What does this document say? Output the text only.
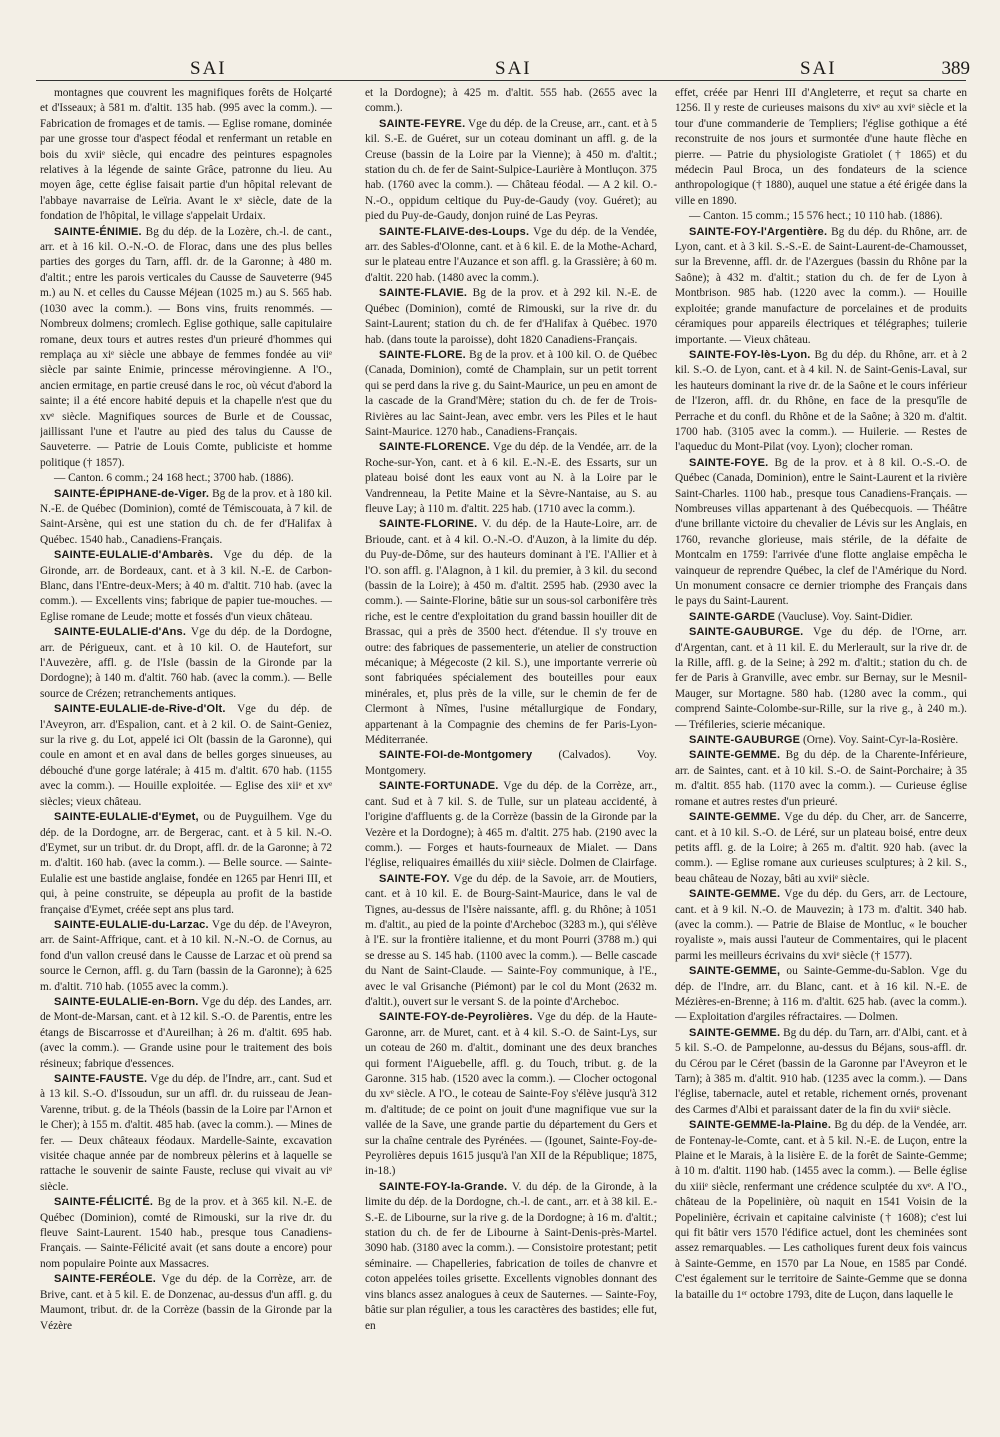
SAI	SAI	SAI	389

montagnes que couvrent les magnifiques forêts de Holçarté et d'Isseaux; à 581 m. d'altit. 135 hab. (995 avec la comm.). — Fabrication de fromages et de tamis. — Eglise romane, dominée par une grosse tour d'aspect féodal et renfermant un retable en bois du xviiᵉ siècle, qui encadre des peintures espagnoles relatives à la légende de sainte Grâce, patronne du lieu. Au moyen âge, cette église faisait partie d'un hôpital relevant de l'abbaye navarraise de Leïria. Avant le xᵉ siècle, date de la fondation de l'hôpital, le village s'appelait Urdaix.

SAINTE-ÉNIMIE. Bg du dép. de la Lozère, ch.-l. de cant., arr. et à 16 kil. O.-N.-O. de Florac, dans une des plus belles parties des gorges du Tarn, affl. dr. de la Garonne; à 480 m. d'altit.; entre les parois verticales du Causse de Sauveterre (945 m.) au N. et celles du Causse Méjean (1025 m.) au S. 565 hab. (1030 avec la comm.). — Bons vins, fruits renommés. — Nombreux dolmens; cromlech. Eglise gothique, salle capitulaire romane, deux tours et autres restes d'un prieuré d'hommes qui remplaça au xiᵉ siècle une abbaye de femmes fondée au viiᵉ siècle par sainte Enimie, princesse mérovingienne. A l'O., ancien ermitage, en partie creusé dans le roc, où vécut d'abord la sainte; il a été encore habité depuis et la chapelle n'est que du xvᵉ siècle. Magnifiques sources de Burle et de Coussac, jaillissant l'une et l'autre au pied des talus du Causse de Sauveterre. — Patrie de Louis Comte, publiciste et homme politique († 1857).

— Canton. 6 comm.; 24 168 hect.; 3700 hab. (1886).

SAINTE-ÉPIPHANE-de-Viger. Bg de la prov. et à 180 kil. N.-E. de Québec (Dominion), comté de Témiscouata, à 7 kil. de Saint-Arsène, qui est une station du ch. de fer d'Halifax à Québec. 1540 hab., Canadiens-Français.

SAINTE-EULALIE-d'Ambarès. Vge du dép. de la Gironde, arr. de Bordeaux, cant. et à 3 kil. N.-E. de Carbon-Blanc, dans l'Entre-deux-Mers; à 40 m. d'altit. 710 hab. (avec la comm.). — Excellents vins; fabrique de papier tue-mouches. — Eglise romane de Leude; motte et fossés d'un vieux château.

SAINTE-EULALIE-d'Ans. Vge du dép. de la Dordogne, arr. de Périgueux, cant. et à 10 kil. O. de Hautefort, sur l'Auvezère, affl. g. de l'Isle (bassin de la Gironde par la Dordogne); à 140 m. d'altit. 760 hab. (avec la comm.). — Belle source de Crézen; retranchements antiques.

SAINTE-EULALIE-de-Rive-d'Olt. Vge du dép. de l'Aveyron, arr. d'Espalion, cant. et à 2 kil. O. de Saint-Geniez, sur la rive g. du Lot, appelé ici Olt (bassin de la Garonne), qui coule en amont et en aval dans de belles gorges sinueuses, au débouché d'une gorge latérale; à 415 m. d'altit. 670 hab. (1155 avec la comm.). — Houille exploitée. — Eglise des xiiᵉ et xvᵉ siècles; vieux château.

SAINTE-EULALIE-d'Eymet, ou de Puyguilhem. Vge du dép. de la Dordogne, arr. de Bergerac, cant. et à 5 kil. N.-O. d'Eymet, sur un tribut. dr. du Dropt, affl. dr. de la Garonne; à 72 m. d'altit. 160 hab. (avec la comm.). — Belle source. — Sainte-Eulalie est une bastide anglaise, fondée en 1265 par Henri III, et qui, à peine construite, se dépeupla au profit de la bastide française d'Eymet, créée sept ans plus tard.

SAINTE-EULALIE-du-Larzac. Vge du dép. de l'Aveyron, arr. de Saint-Affrique, cant. et à 10 kil. N.-N.-O. de Cornus, au fond d'un vallon creusé dans le Causse de Larzac et où prend sa source le Cernon, affl. g. du Tarn (bassin de la Garonne); à 625 m. d'altit. 710 hab. (1055 avec la comm.).

SAINTE-EULALIE-en-Born. Vge du dép. des Landes, arr. de Mont-de-Marsan, cant. et à 12 kil. S.-O. de Parentis, entre les étangs de Biscarrosse et d'Aureilhan; à 26 m. d'altit. 695 hab. (avec la comm.). — Grande usine pour le traitement des bois résineux; fabrique d'essences.

SAINTE-FAUSTE. Vge du dép. de l'Indre, arr., cant. Sud et à 13 kil. S.-O. d'Issoudun, sur un affl. dr. du ruisseau de Jean-Varenne, tribut. g. de la Théols (bassin de la Loire par l'Arnon et le Cher); à 155 m. d'altit. 485 hab. (avec la comm.). — Mines de fer. — Deux châteaux féodaux. Mardelle-Sainte, excavation visitée chaque année par de nombreux pèlerins et à laquelle se rattache le souvenir de sainte Fauste, recluse qui vivait au viᵉ siècle.

SAINTE-FÉLICITÉ. Bg de la prov. et à 365 kil. N.-E. de Québec (Dominion), comté de Rimouski, sur la rive dr. du fleuve Saint-Laurent. 1540 hab., presque tous Canadiens-Français. — Sainte-Félicité avait (et sans doute a encore) pour nom populaire Pointe aux Massacres.

SAINTE-FERÉOLE. Vge du dép. de la Corrèze, arr. de Brive, cant. et à 5 kil. E. de Donzenac, au-dessus d'un affl. g. du Maumont, tribut. dr. de la Corrèze (bassin de la Gironde par la Vézère

et la Dordogne); à 425 m. d'altit. 555 hab. (2655 avec la comm.).

SAINTE-FEYRE. Vge du dép. de la Creuse, arr., cant. et à 5 kil. S.-E. de Guéret, sur un coteau dominant un affl. g. de la Creuse (bassin de la Loire par la Vienne); à 450 m. d'altit.; station du ch. de fer de Saint-Sulpice-Laurière à Montluçon. 375 hab. (1760 avec la comm.). — Château féodal. — A 2 kil. O.-N.-O., oppidum celtique du Puy-de-Gaudy (voy. Guéret); au pied du Puy-de-Gaudy, donjon ruiné de Las Peyras.

SAINTE-FLAIVE-des-Loups. Vge du dép. de la Vendée, arr. des Sables-d'Olonne, cant. et à 6 kil. E. de la Mothe-Achard, sur le plateau entre l'Auzance et son affl. g. la Grassière; à 60 m. d'altit. 220 hab. (1480 avec la comm.).

SAINTE-FLAVIE. Bg de la prov. et à 292 kil. N.-E. de Québec (Dominion), comté de Rimouski, sur la rive dr. du Saint-Laurent; station du ch. de fer d'Halifax à Québec. 1970 hab. (dans toute la paroisse), doht 1820 Canadiens-Français.

SAINTE-FLORE. Bg de la prov. et à 100 kil. O. de Québec (Canada, Dominion), comté de Champlain, sur un petit torrent qui se perd dans la rive g. du Saint-Maurice, un peu en amont de la cascade de la Grand'Mère; station du ch. de fer de Trois-Rivières au lac Saint-Jean, avec embr. vers les Piles et le haut Saint-Maurice. 1270 hab., Canadiens-Français.

SAINTE-FLORENCE. Vge du dép. de la Vendée, arr. de la Roche-sur-Yon, cant. et à 6 kil. E.-N.-E. des Essarts, sur un plateau boisé dont les eaux vont au N. à la Loire par le Vandrenneau, la Petite Maine et la Sèvre-Nantaise, au S. au fleuve Lay; à 110 m. d'altit. 225 hab. (1710 avec la comm.).

SAINTE-FLORINE. V. du dép. de la Haute-Loire, arr. de Brioude, cant. et à 4 kil. O.-N.-O. d'Auzon, à la limite du dép. du Puy-de-Dôme, sur des hauteurs dominant à l'E. l'Allier et à l'O. son affl. g. l'Alagnon, à 1 kil. du premier, à 3 kil. du second (bassin de la Loire); à 450 m. d'altit. 2595 hab. (2930 avec la comm.). — Sainte-Florine, bâtie sur un sous-sol carbonifère très riche, est le centre d'exploitation du grand bassin houiller dit de Brassac, qui a près de 3500 hect. d'étendue. Il s'y trouve en outre: des fabriques de passementerie, un atelier de construction mécanique; à Mégecoste (2 kil. S.), une importante verrerie où sont fabriquées spécialement des bouteilles pour eaux minérales, et, plus près de la ville, sur le chemin de fer de Clermont à Nîmes, l'usine métallurgique de Fondary, appartenant à la Compagnie des chemins de fer Paris-Lyon-Méditerranée.

SAINTE-FOI-de-Montgomery (Calvados). Voy. Montgomery.

SAINTE-FORTUNADE. Vge du dép. de la Corrèze, arr., cant. Sud et à 7 kil. S. de Tulle, sur un plateau accidenté, à l'origine d'affluents g. de la Corrèze (bassin de la Gironde par la Vezère et la Dordogne); à 465 m. d'altit. 275 hab. (2190 avec la comm.). — Forges et hauts-fourneaux de Mialet. — Dans l'église, reliquaires émaillés du xiiiᵉ siècle. Dolmen de Clairfage.

SAINTE-FOY. Vge du dép. de la Savoie, arr. de Moutiers, cant. et à 10 kil. E. de Bourg-Saint-Maurice, dans le val de Tignes, au-dessus de l'Isère naissante, affl. g. du Rhône; à 1051 m. d'altit., au pied de la pointe d'Archeboc (3283 m.), qui s'élève à l'E. sur la frontière italienne, et du mont Pourri (3788 m.) qui se dresse au S. 145 hab. (1100 avec la comm.). — Belle cascade du Nant de Saint-Claude. — Sainte-Foy communique, à l'E., avec le val Grisanche (Piémont) par le col du Mont (2632 m. d'altit.), ouvert sur le versant S. de la pointe d'Archeboc.

SAINTE-FOY-de-Peyrolières. Vge du dép. de la Haute-Garonne, arr. de Muret, cant. et à 4 kil. S.-O. de Saint-Lys, sur un coteau de 260 m. d'altit., dominant une des deux branches qui forment l'Aiguebelle, affl. g. du Touch, tribut. g. de la Garonne. 315 hab. (1520 avec la comm.). — Clocher octogonal du xvᵉ siècle. A l'O., le coteau de Sainte-Foy s'élève jusqu'à 312 m. d'altitude; de ce point on jouit d'une magnifique vue sur la vallée de la Save, une grande partie du département du Gers et sur la chaîne centrale des Pyrénées. — (Igounet, Sainte-Foy-de-Peyrolières depuis 1615 jusqu'à l'an XII de la République; 1875, in-18.)

SAINTE-FOY-la-Grande. V. du dép. de la Gironde, à la limite du dép. de la Dordogne, ch.-l. de cant., arr. et à 38 kil. E.-S.-E. de Libourne, sur la rive g. de la Dordogne; à 16 m. d'altit.; station du ch. de fer de Libourne à Saint-Denis-près-Martel. 3090 hab. (3180 avec la comm.). — Consistoire protestant; petit séminaire. — Chapelleries, fabrication de toiles de chanvre et coton appelées toiles grisette. Excellents vignobles donnant des vins blancs assez analogues à ceux de Sauternes. — Sainte-Foy, bâtie sur plan régulier, a tous les caractères des bastides; elle fut, en

effet, créée par Henri III d'Angleterre, et reçut sa charte en 1256. Il y reste de curieuses maisons du xivᵉ au xviᵉ siècle et la tour d'une commanderie de Templiers; l'église gothique a été reconstruite de nos jours et surmontée d'une haute flèche en pierre. — Patrie du physiologiste Gratiolet († 1865) et du médecin Paul Broca, un des fondateurs de la science anthropologique († 1880), auquel une statue a été érigée dans la ville en 1890.

— Canton. 15 comm.; 15 576 hect.; 10 110 hab. (1886).

SAINTE-FOY-l'Argentière. Bg du dép. du Rhône, arr. de Lyon, cant. et à 3 kil. S.-S.-E. de Saint-Laurent-de-Chamousset, sur la Brevenne, affl. dr. de l'Azergues (bassin du Rhône par la Saône); à 432 m. d'altit.; station du ch. de fer de Lyon à Montbrison. 985 hab. (1220 avec la comm.). — Houille exploitée; grande manufacture de porcelaines et de produits céramiques pour appareils électriques et télégraphes; tuilerie importante. — Vieux château.

SAINTE-FOY-lès-Lyon. Bg du dép. du Rhône, arr. et à 2 kil. S.-O. de Lyon, cant. et à 4 kil. N. de Saint-Genis-Laval, sur les hauteurs dominant la rive dr. de la Saône et le cours inférieur de l'Izeron, affl. dr. du Rhône, en face de la presqu'île de Perrache et du confl. du Rhône et de la Saône; à 320 m. d'altit. 1700 hab. (3105 avec la comm.). — Huilerie. — Restes de l'aqueduc du Mont-Pilat (voy. Lyon); clocher roman.

SAINTE-FOYE. Bg de la prov. et à 8 kil. O.-S.-O. de Québec (Canada, Dominion), entre le Saint-Laurent et la rivière Saint-Charles. 1100 hab., presque tous Canadiens-Français. — Nombreuses villas appartenant à des Québecquois. — Théâtre d'une brillante victoire du chevalier de Lévis sur les Anglais, en 1760, revanche glorieuse, mais stérile, de la défaite de Montcalm en 1759: l'arrivée d'une flotte anglaise empêcha le vainqueur de reprendre Québec, la clef de l'Amérique du Nord. Un monument consacre ce dernier triomphe des Français dans le pays du Saint-Laurent.

SAINTE-GARDE (Vaucluse). Voy. Saint-Didier.

SAINTE-GAUBURGE. Vge du dép. de l'Orne, arr. d'Argentan, cant. et à 11 kil. E. du Merlerault, sur la rive dr. de la Rille, affl. g. de la Seine; à 292 m. d'altit.; station du ch. de fer de Paris à Granville, avec embr. sur Bernay, sur le Mesnil-Mauger, sur Mortagne. 580 hab. (1280 avec la comm., qui comprend Sainte-Colombe-sur-Rille, sur la rive g., à 240 m.). — Tréfileries, scierie mécanique.

SAINTE-GAUBURGE (Orne). Voy. Saint-Cyr-la-Rosière.

SAINTE-GEMME. Bg du dép. de la Charente-Inférieure, arr. de Saintes, cant. et à 10 kil. S.-O. de Saint-Porchaire; à 35 m. d'altit. 855 hab. (1170 avec la comm.). — Curieuse église romane et autres restes d'un prieuré.

SAINTE-GEMME. Vge du dép. du Cher, arr. de Sancerre, cant. et à 10 kil. S.-O. de Léré, sur un plateau boisé, entre deux petits affl. g. de la Loire; à 265 m. d'altit. 920 hab. (avec la comm.). — Eglise romane aux curieuses sculptures; à 2 kil. S., beau château de Nozay, bâti au xviiᵉ siècle.

SAINTE-GEMME. Vge du dép. du Gers, arr. de Lectoure, cant. et à 9 kil. N.-O. de Mauvezin; à 173 m. d'altit. 340 hab. (avec la comm.). — Patrie de Blaise de Montluc, « le boucher royaliste », mais aussi l'auteur de Commentaires, qui le placent parmi les meilleurs écrivains du xviᵉ siècle († 1577).

SAINTE-GEMME, ou Sainte-Gemme-du-Sablon. Vge du dép. de l'Indre, arr. du Blanc, cant. et à 16 kil. N.-E. de Mézières-en-Brenne; à 116 m. d'altit. 625 hab. (avec la comm.). — Exploitation d'argiles réfractaires. — Dolmen.

SAINTE-GEMME. Bg du dép. du Tarn, arr. d'Albi, cant. et à 5 kil. S.-O. de Pampelonne, au-dessus du Béjans, sous-affl. dr. du Cérou par le Céret (bassin de la Garonne par l'Aveyron et le Tarn); à 385 m. d'altit. 910 hab. (1235 avec la comm.). — Dans l'église, tabernacle, autel et retable, richement ornés, provenant des Carmes d'Albi et paraissant dater de la fin du xviiᵉ siècle.

SAINTE-GEMME-la-Plaine. Bg du dép. de la Vendée, arr. de Fontenay-le-Comte, cant. et à 5 kil. N.-E. de Luçon, entre la Plaine et le Marais, à la lisière E. de la forêt de Sainte-Gemme; à 10 m. d'altit. 1190 hab. (1455 avec la comm.). — Belle église du xiiiᵉ siècle, renfermant une crédence sculptée du xvᵉ. A l'O., château de la Popelinière, où naquit en 1541 Voisin de la Popelinière, écrivain et capitaine calviniste († 1608); c'est lui qui fit bâtir vers 1570 l'édifice actuel, dont les cheminées sont assez remarquables. — Les catholiques furent deux fois vaincus à Sainte-Gemme, en 1570 par La Noue, en 1585 par Condé. C'est également sur le territoire de Sainte-Gemme que se donna la bataille du 1ᵉʳ octobre 1793, dite de Luçon, dans laquelle le
